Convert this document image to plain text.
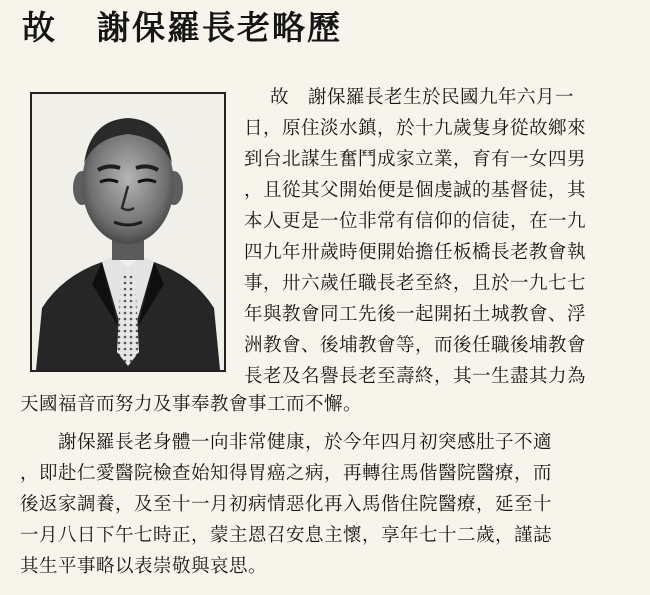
故 謝保羅長老略歷
故　謝保羅長老生於民國九年六月一
日，原住淡水鎮，於十九歲隻身從故鄉來
到台北謀生奮鬥成家立業，育有一女四男
，且從其父開始便是個虔誠的基督徒，其
本人更是一位非常有信仰的信徒，在一九
四九年卅歲時便開始擔任板橋長老教會執
事，卅六歲任職長老至終，且於一九七七
年與教會同工先後一起開拓土城教會、浮
洲教會、後埔教會等，而後任職後埔教會
長老及名譽長老至壽終，其一生盡其力為
天國福音而努力及事奉教會事工而不懈。
謝保羅長老身體一向非常健康，於今年四月初突感肚子不適
，即赴仁愛醫院檢查始知得胃癌之病，再轉往馬偕醫院醫療，而
後返家調養，及至十一月初病情惡化再入馬偕住院醫療，延至十
一月八日下午七時正，蒙主恩召安息主懷，享年七十二歲，謹誌
其生平事略以表崇敬與哀思。
